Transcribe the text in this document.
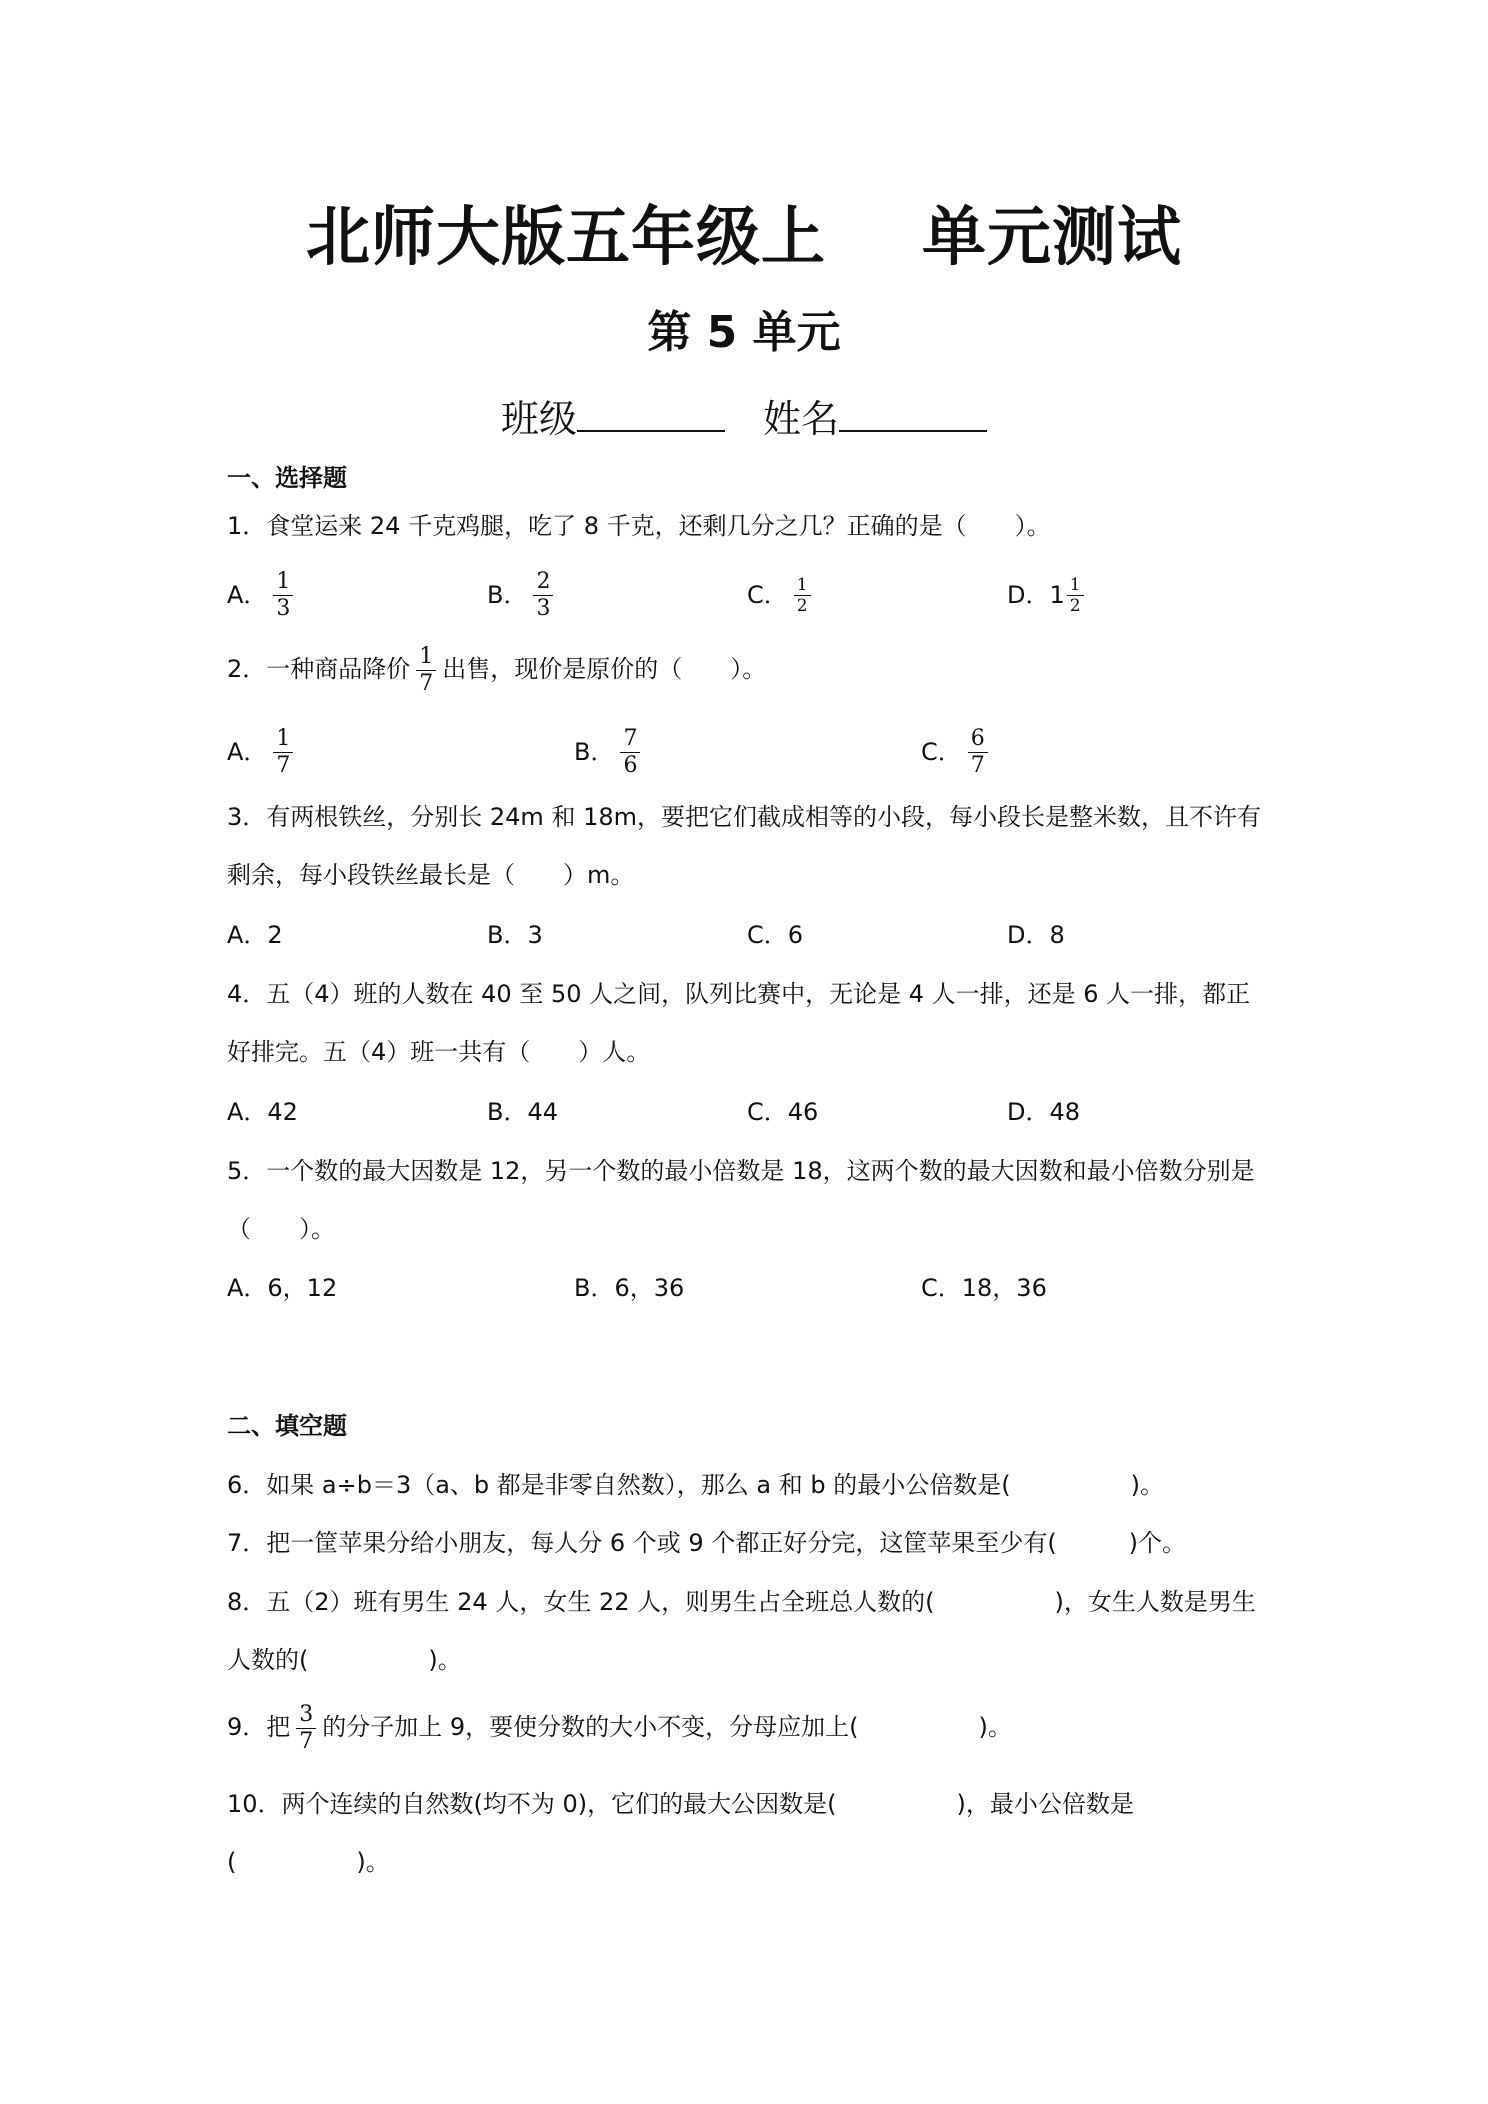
北师大版五年级上 单元测试
第 5 单元
班级	姓名
一、选择题
1．食堂运来 24 千克鸡腿，吃了 8 千克，还剩几分之几？正确的是（　　）。
A． $\frac{1}{3}$	B． $\frac{2}{3}$	C． $\frac{1}{2}$	D．$1 \frac{1}{2}$
2．一种商品降价 $\frac{1}{7}$ 出售，现价是原价的（　　）。
A． $\frac{1}{7}$	B． $\frac{7}{6}$	C． $\frac{6}{7}$
3．有两根铁丝，分别长 24m 和 18m，要把它们截成相等的小段，每小段长是整米数，且不许有剩余，每小段铁丝最长是（　　）m。
A．2	B．3	C．6	D．8
4．五（4）班的人数在 40 至 50 人之间，队列比赛中，无论是 4 人一排，还是 6 人一排，都正好排完。五（4）班一共有（　　）人。
A．42	B．44	C．46	D．48
5．一个数的最大因数是 12，另一个数的最小倍数是 18，这两个数的最大因数和最小倍数分别是（　　）。
A．6，12	B．6，36	C．18，36
二、填空题
6．如果 a÷b＝3（a、b 都是非零自然数），那么 a 和 b 的最小公倍数是(　　　　　)。
7．把一筐苹果分给小朋友，每人分 6 个或 9 个都正好分完，这筐苹果至少有(　　　)个。
8．五（2）班有男生 24 人，女生 22 人，则男生占全班总人数的(　　　　　)，女生人数是男生人数的(　　　　　)。
9．把 $\frac{3}{7}$ 的分子加上 9，要使分数的大小不变，分母应加上(　　　　　)。
10．两个连续的自然数(均不为 0)，它们的最大公因数是(　　　　　)，最小公倍数是(　　　　　)。
